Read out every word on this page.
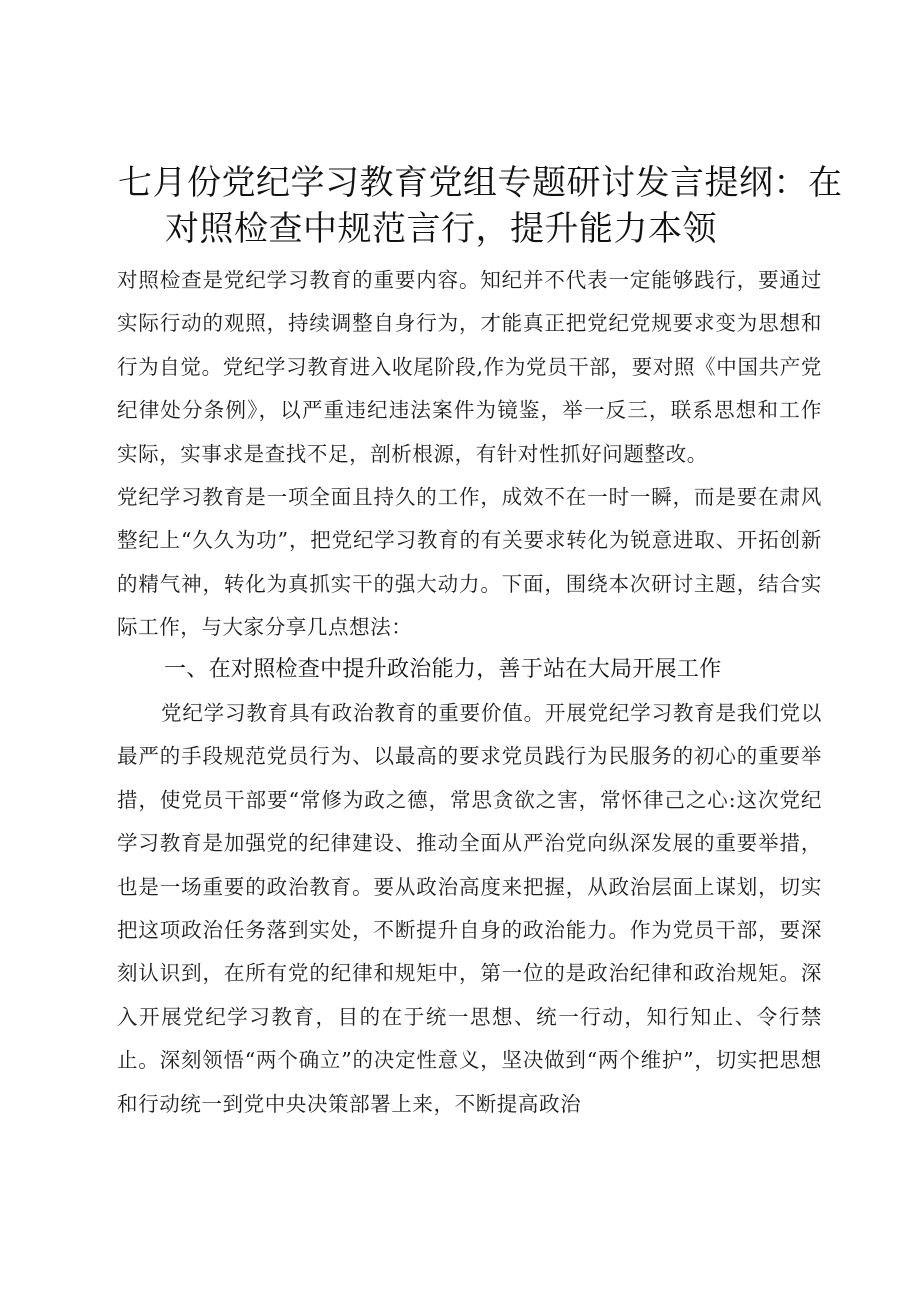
七月份党纪学习教育党组专题研讨发言提纲：在
对照检查中规范言行，提升能力本领

对照检查是党纪学习教育的重要内容。知纪并不代表一定能够践行，要通过实际行动的观照，持续调整自身行为，才能真正把党纪党规要求变为思想和行为自觉。党纪学习教育进入收尾阶段,作为党员干部，要对照《中国共产党纪律处分条例》，以严重违纪违法案件为镜鉴，举一反三，联系思想和工作实际，实事求是查找不足，剖析根源，有针对性抓好问题整改。

党纪学习教育是一项全面且持久的工作，成效不在一时一瞬，而是要在肃风整纪上“久久为功”，把党纪学习教育的有关要求转化为锐意进取、开拓创新的精气神，转化为真抓实干的强大动力。下面，围绕本次研讨主题，结合实际工作，与大家分享几点想法：

一、在对照检查中提升政治能力，善于站在大局开展工作

党纪学习教育具有政治教育的重要价值。开展党纪学习教育是我们党以最严的手段规范党员行为、以最高的要求党员践行为民服务的初心的重要举措，使党员干部要“常修为政之德，常思贪欲之害，常怀律己之心:这次党纪学习教育是加强党的纪律建设、推动全面从严治党向纵深发展的重要举措，也是一场重要的政治教育。要从政治高度来把握，从政治层面上谋划，切实把这项政治任务落到实处，不断提升自身的政治能力。作为党员干部，要深刻认识到，在所有党的纪律和规矩中，第一位的是政治纪律和政治规矩。深入开展党纪学习教育，目的在于统一思想、统一行动，知行知止、令行禁止。深刻领悟“两个确立”的决定性意义，坚决做到“两个维护”，切实把思想和行动统一到党中央决策部署上来，不断提高政治
